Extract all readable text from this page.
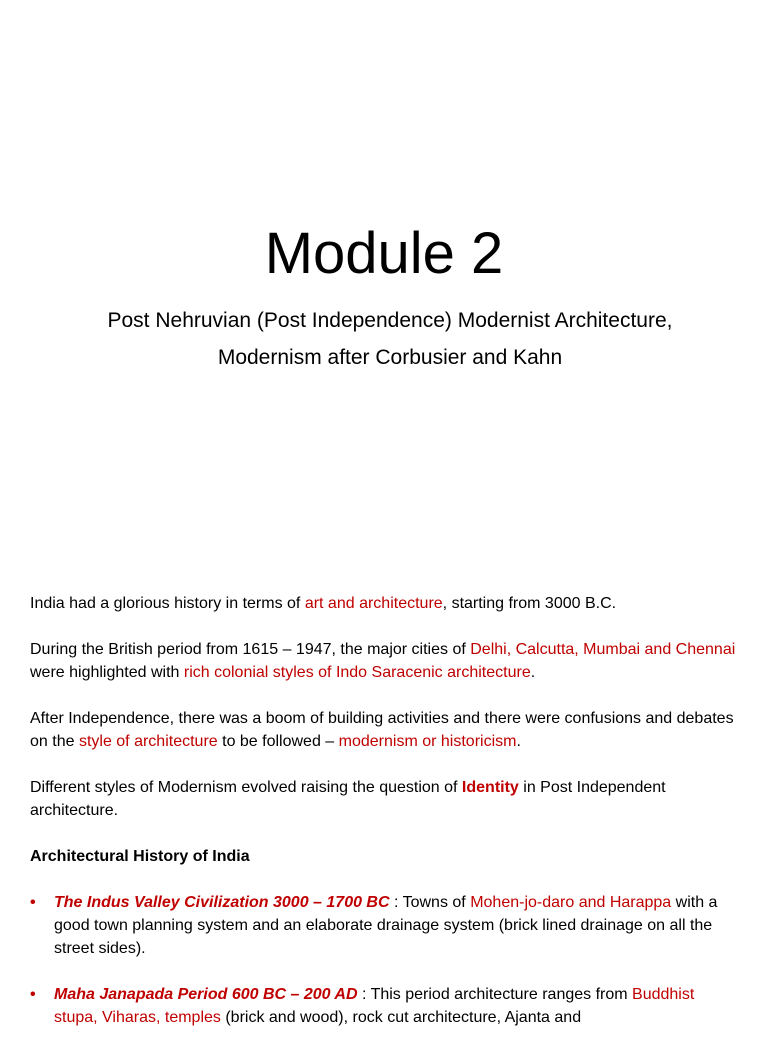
Module 2
Post Nehruvian (Post Independence) Modernist Architecture,
Modernism after Corbusier and Kahn
India had a glorious history in terms of art and architecture, starting from 3000 B.C.
During the British period from 1615 – 1947, the major cities of Delhi, Calcutta, Mumbai and Chennai were highlighted with rich colonial styles of Indo Saracenic architecture.
After Independence, there was a boom of building activities and there were confusions and debates on the style of architecture to be followed – modernism or historicism.
Different styles of Modernism evolved raising the question of Identity in Post Independent architecture.
Architectural History of India
• The Indus Valley Civilization 3000 – 1700 BC : Towns of Mohen-jo-daro and Harappa with a good town planning system and an elaborate drainage system (brick lined drainage on all the street sides).
• Maha Janapada Period 600 BC – 200 AD : This period architecture ranges from Buddhist stupa, Viharas, temples (brick and wood), rock cut architecture, Ajanta and
